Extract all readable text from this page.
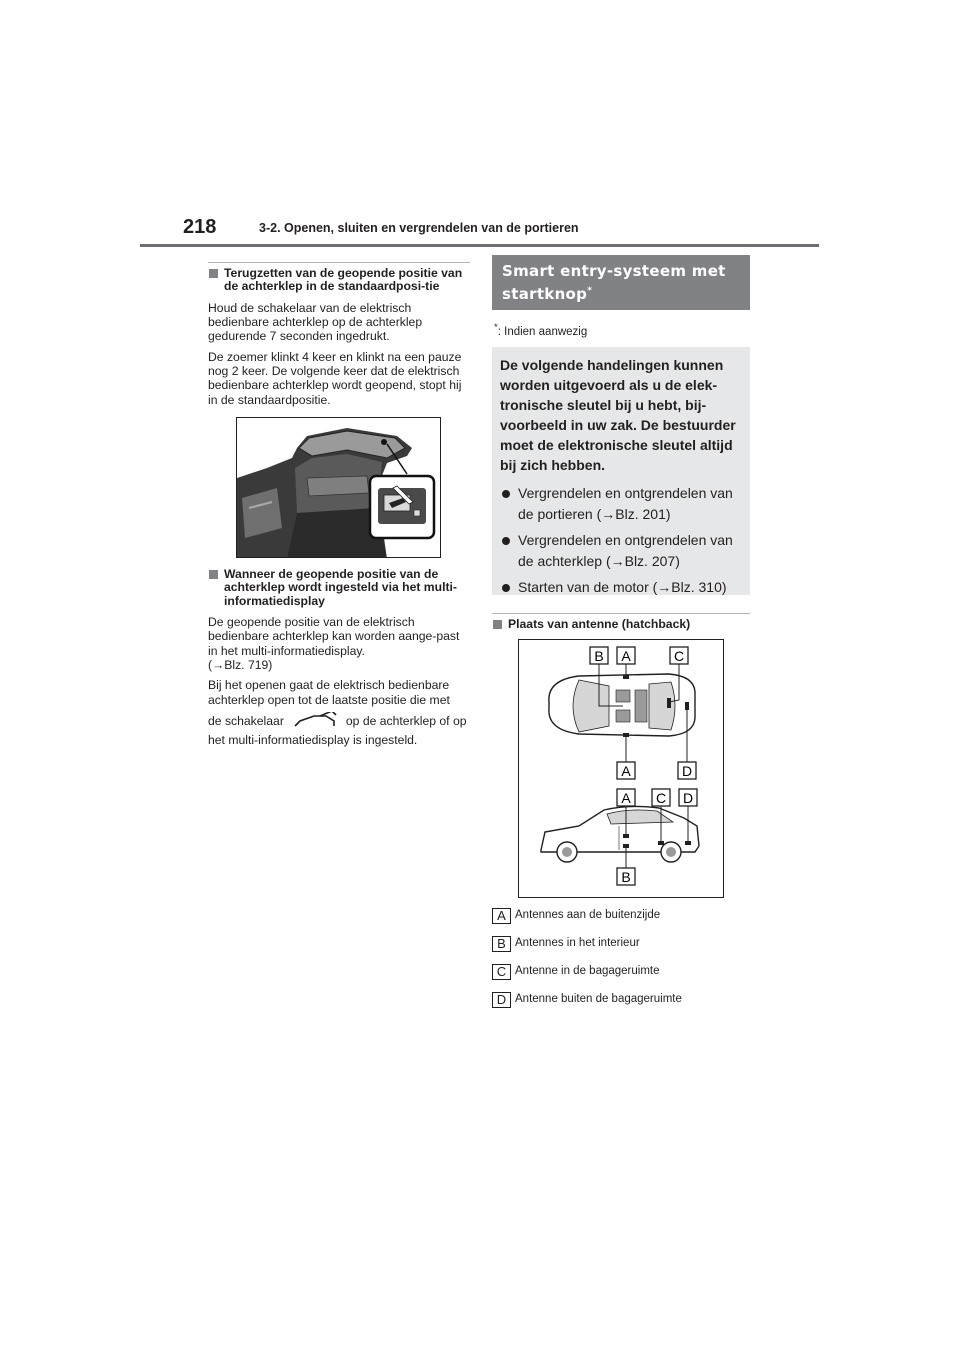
218	3-2. Openen, sluiten en vergrendelen van de portieren
Terugzetten van de geopende positie van de achterklep in de standaardposi-tie

Houd de schakelaar van de elektrisch bedienbare achterklep op de achterklep gedurende 7 seconden ingedrukt.

De zoemer klinkt 4 keer en klinkt na een pauze nog 2 keer. De volgende keer dat de elektrisch bedienbare achterklep wordt geopend, stopt hij in de standaardpositie.

Wanneer de geopende positie van de achterklep wordt ingesteld via het multi-informatiedisplay

De geopende positie van de elektrisch bedienbare achterklep kan worden aange-past in het multi-informatiedisplay.

(→Blz. 719)

Bij het openen gaat de elektrisch bedienbare achterklep open tot de laatste positie die met

de schakelaar	op de achterklep of op

het multi-informatiedisplay is ingesteld.

Smart entry-systeem met startknop*

*: Indien aanwezig

De volgende handelingen kunnen worden uitgevoerd als u de elek-tronische sleutel bij u hebt, bij-voorbeeld in uw zak. De bestuurder moet de elektronische sleutel altijd bij zich hebben.

Vergrendelen en ontgrendelen van de portieren (→Blz. 201)
Vergrendelen en ontgrendelen van de achterklep (→Blz. 207)
Starten van de motor (→Blz. 310)
Plaats van antenne (hatchback)
B A	C
A	D
A C D
B
A Antennes aan de buitenzijde
B Antennes in het interieur
C Antenne in de bagageruimte
D Antenne buiten de bagageruimte
